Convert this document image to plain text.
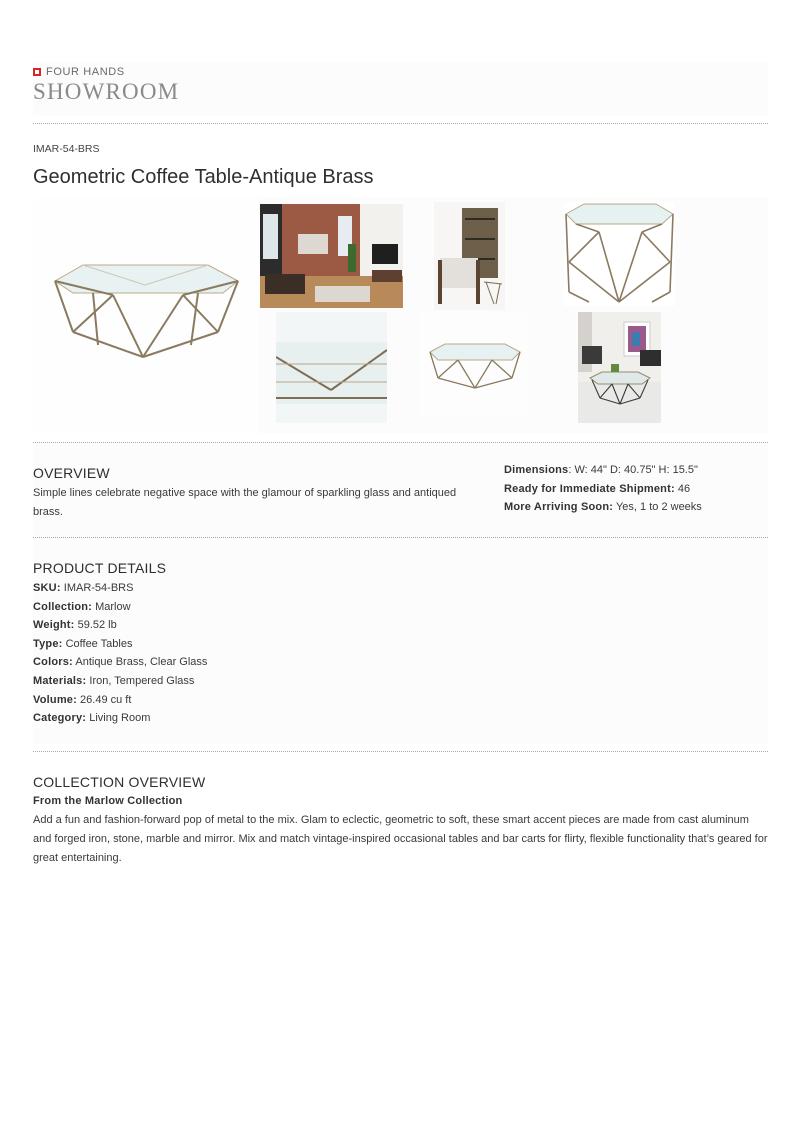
FOUR HANDS
SHOWROOM
IMAR-54-BRS
Geometric Coffee Table-Antique Brass
OVERVIEW
Simple lines celebrate negative space with the glamour of sparkling glass and antiqued brass.
Dimensions: W: 44" D: 40.75" H: 15.5"
Ready for Immediate Shipment: 46
More Arriving Soon: Yes, 1 to 2 weeks
PRODUCT DETAILS
SKU: IMAR-54-BRS
Collection: Marlow
Weight: 59.52 lb
Type: Coffee Tables
Colors: Antique Brass, Clear Glass
Materials: Iron, Tempered Glass
Volume: 26.49 cu ft
Category: Living Room
COLLECTION OVERVIEW
From the Marlow Collection
Add a fun and fashion-forward pop of metal to the mix. Glam to eclectic, geometric to soft, these smart accent pieces are made from cast aluminum and forged iron, stone, marble and mirror. Mix and match vintage-inspired occasional tables and bar carts for flirty, flexible functionality that’s geared for great entertaining.
